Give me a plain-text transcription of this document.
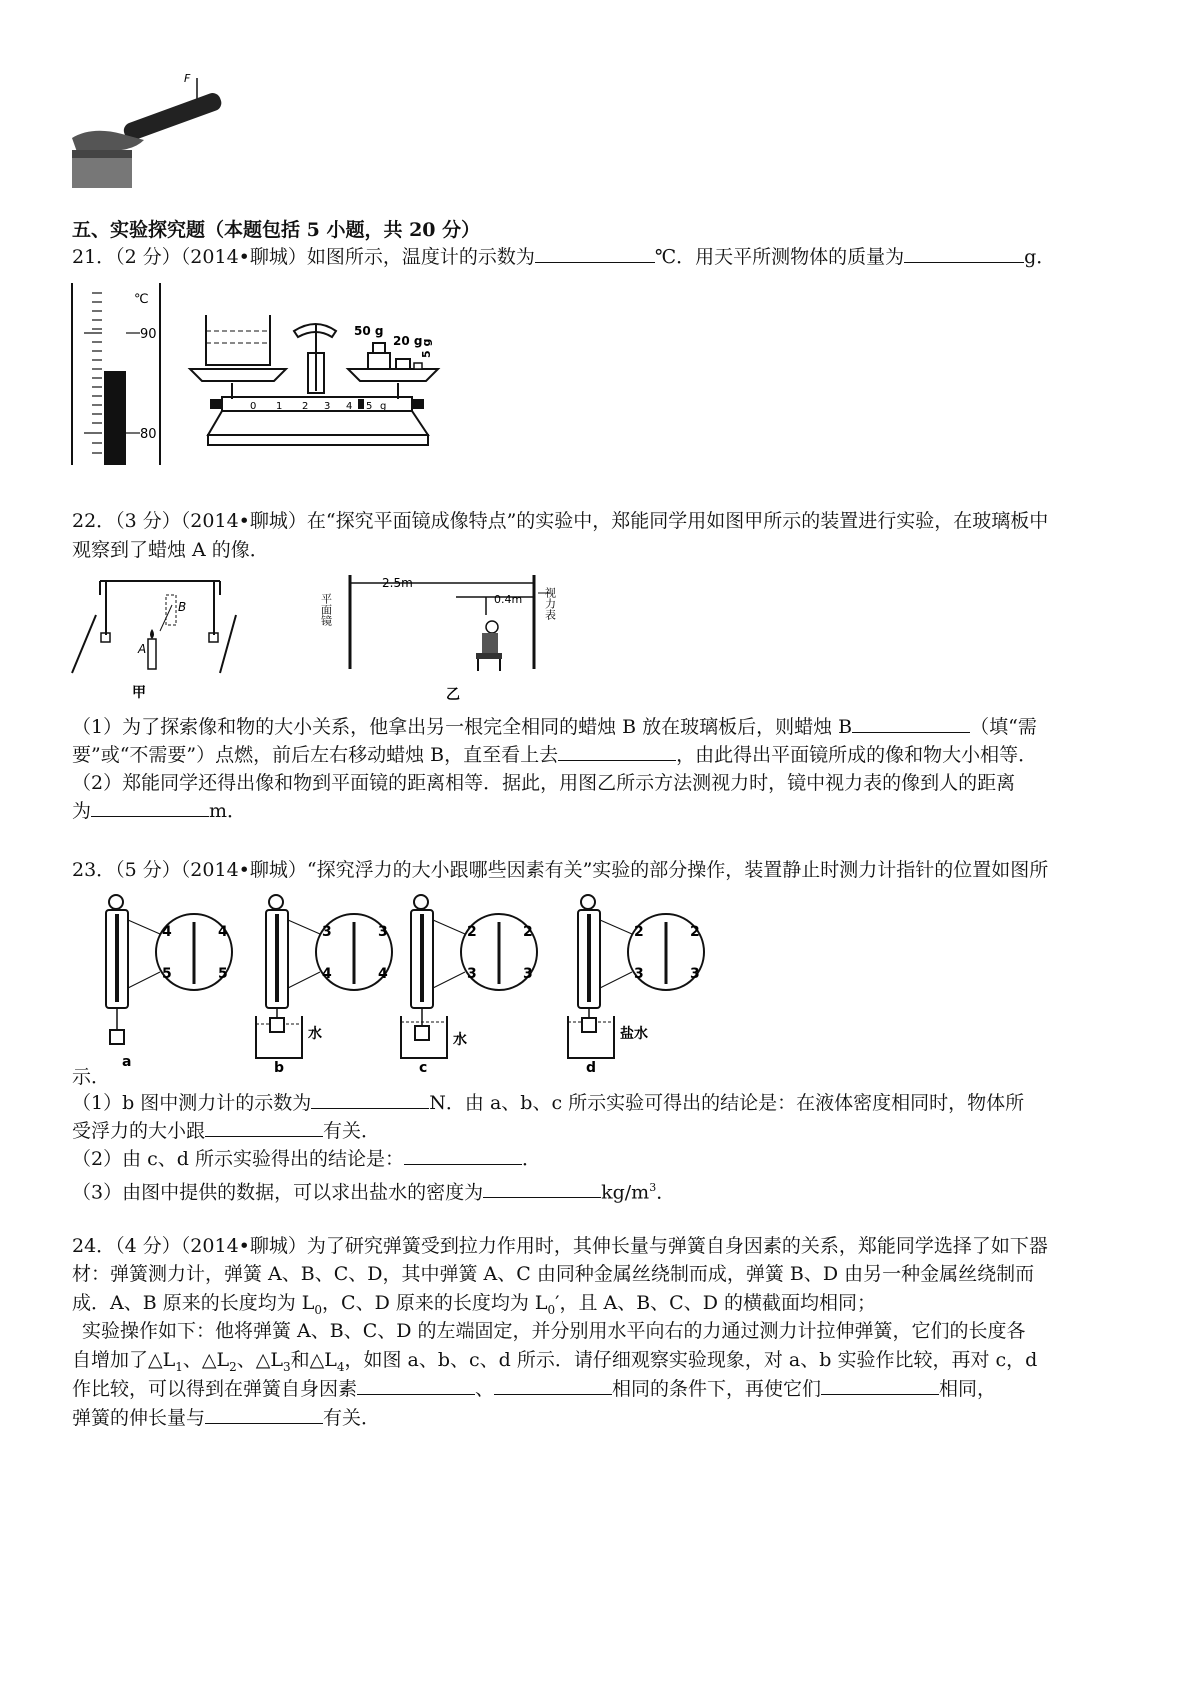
F
五、实验探究题（本题包括 5 小题，共 20 分）
21．（2 分）（2014•聊城）如图所示，温度计的示数为	℃．用天平所测物体的质量为	g．
℃
90
80
50 g
20 g
5 g
0 1 2 3 4 5 g
22．（3 分）（2014•聊城）在“探究平面镜成像特点”的实验中，郑能同学用如图甲所示的装置进行实验，在玻璃板中
观察到了蜡烛 A 的像．
B
A
甲
2.5m
0.4m
平面镜	视力表
乙
（1）为了探索像和物的大小关系，他拿出另一根完全相同的蜡烛 B 放在玻璃板后，则蜡烛 B	（填“需
要”或“不需要”）点燃，前后左右移动蜡烛 B，直至看上去	，由此得出平面镜所成的像和物大小相等．
（2）郑能同学还得出像和物到平面镜的距离相等．据此，用图乙所示方法测视力时，镜中视力表的像到人的距离
为	m．
23．（5 分）（2014•聊城）“探究浮力的大小跟哪些因素有关”实验的部分操作，装置静止时测力计指针的位置如图所
4	4
5	5
a
3	3
4	4
水
b
2	2
3	3
水
c
2	2
3	3
盐水
d
示．
（1）b 图中测力计的示数为	N．由 a、b、c 所示实验可得出的结论是：在液体密度相同时，物体所
受浮力的大小跟	有关．
（2）由 c、d 所示实验得出的结论是：	．
（3）由图中提供的数据，可以求出盐水的密度为	$kg/m^3$．
24．（4 分）（2014•聊城）为了研究弹簧受到拉力作用时，其伸长量与弹簧自身因素的关系，郑能同学选择了如下器
材：弹簧测力计，弹簧 A、B、C、D，其中弹簧 A、C 由同种金属丝绕制而成，弹簧 B、D 由另一种金属丝绕制而
成．A、B 原来的长度均为 $L_0$，C、D 原来的长度均为 $L_0'$，且 A、B、C、D 的横截面均相同；
实验操作如下：他将弹簧 A、B、C、D 的左端固定，并分别用水平向右的力通过测力计拉伸弹簧，它们的长度各
自增加了$\triangle L_1$、$\triangle L_2$、$\triangle L_3$和$\triangle L_4$，如图 a、b、c、d 所示．请仔细观察实验现象，对 a、b 实验作比较，再对 c，d
作比较，可以得到在弹簧自身因素	、	相同的条件下，再使它们	相同，
弹簧的伸长量与	有关．
